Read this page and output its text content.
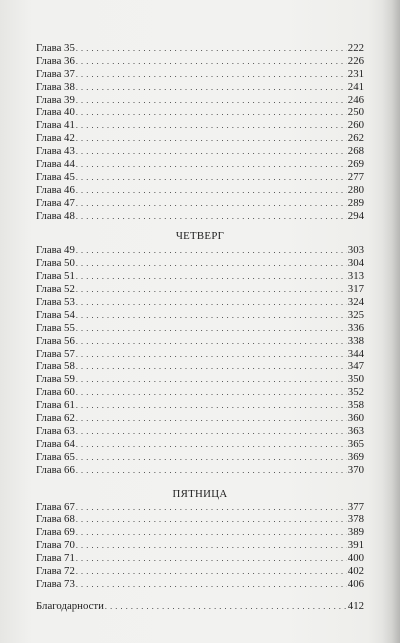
Глава 35 . . .	222
Глава 36 . . .	226
Глава 37 . . .	231
Глава 38 . . .	241
Глава 39 . . .	246
Глава 40 . . .	250
Глава 41 . . .	260
Глава 42 . . .	262
Глава 43 . . .	268
Глава 44 . . .	269
Глава 45 . . .	277
Глава 46 . . .	280
Глава 47 . . .	289
Глава 48 . . .	294
ЧЕТВЕРГ
Глава 49 . . .	303
Глава 50 . . .	304
Глава 51 . . .	313
Глава 52 . . .	317
Глава 53 . . .	324
Глава 54 . . .	325
Глава 55 . . .	336
Глава 56 . . .	338
Глава 57 . . .	344
Глава 58 . . .	347
Глава 59 . . .	350
Глава 60 . . .	352
Глава 61 . . .	358
Глава 62 . . .	360
Глава 63 . . .	363
Глава 64 . . .	365
Глава 65 . . .	369
Глава 66 . . .	370
ПЯТНИЦА
Глава 67 . . .	377
Глава 68 . . .	378
Глава 69 . . .	389
Глава 70 . . .	391
Глава 71 . . .	400
Глава 72 . . .	402
Глава 73 . . .	406
Благодарности . . .	412
